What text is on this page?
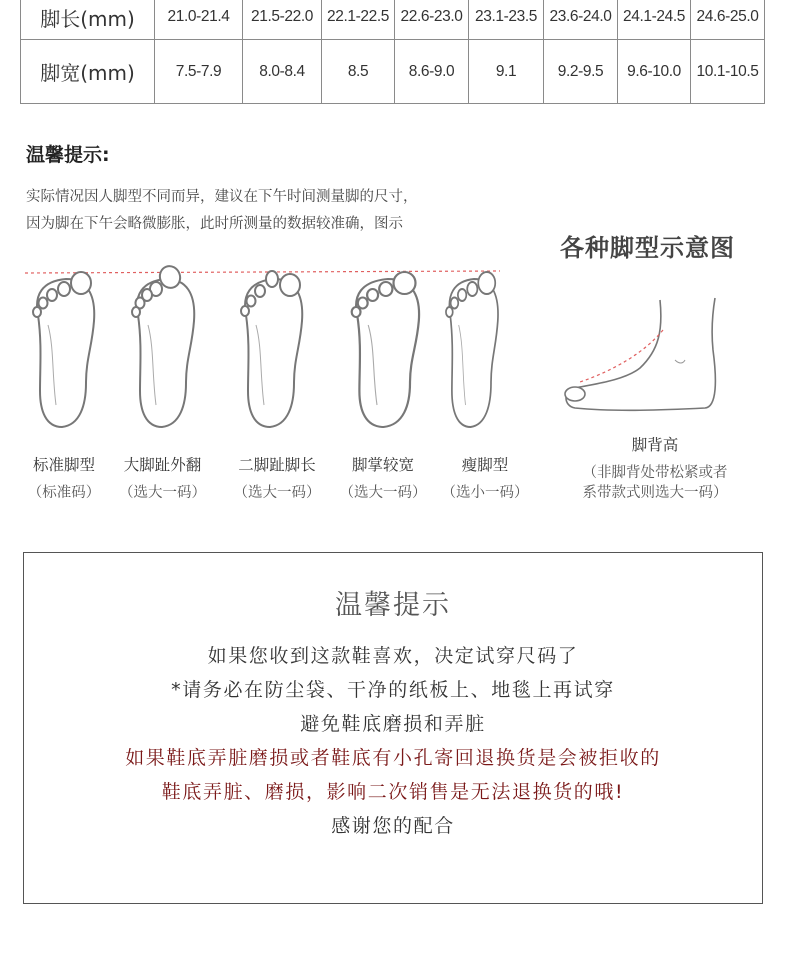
脚长(mm)	21.0-21.4	21.5-22.0	22.1-22.5	22.6-23.0	23.1-23.5	23.6-24.0	24.1-24.5	24.6-25.0
脚宽(mm)	7.5-7.9	8.0-8.4	8.5	8.6-9.0	9.1	9.2-9.5	9.6-10.0	10.1-10.5
温馨提示:
实际情况因人脚型不同而异，建议在下午时间测量脚的尺寸，
因为脚在下午会略微膨胀，此时所测量的数据较准确，图示
各种脚型示意图
标准脚型
（标准码）
大脚趾外翻
（选大一码）
二脚趾脚长
（选大一码）
脚掌较宽
（选大一码）
瘦脚型
（选小一码）
脚背高
（非脚背处带松紧或者
系带款式则选大一码）
温馨提示
如果您收到这款鞋喜欢，决定试穿尺码了
*请务必在防尘袋、干净的纸板上、地毯上再试穿
避免鞋底磨损和弄脏
如果鞋底弄脏磨损或者鞋底有小孔寄回退换货是会被拒收的
鞋底弄脏、磨损，影响二次销售是无法退换货的哦!
感谢您的配合
